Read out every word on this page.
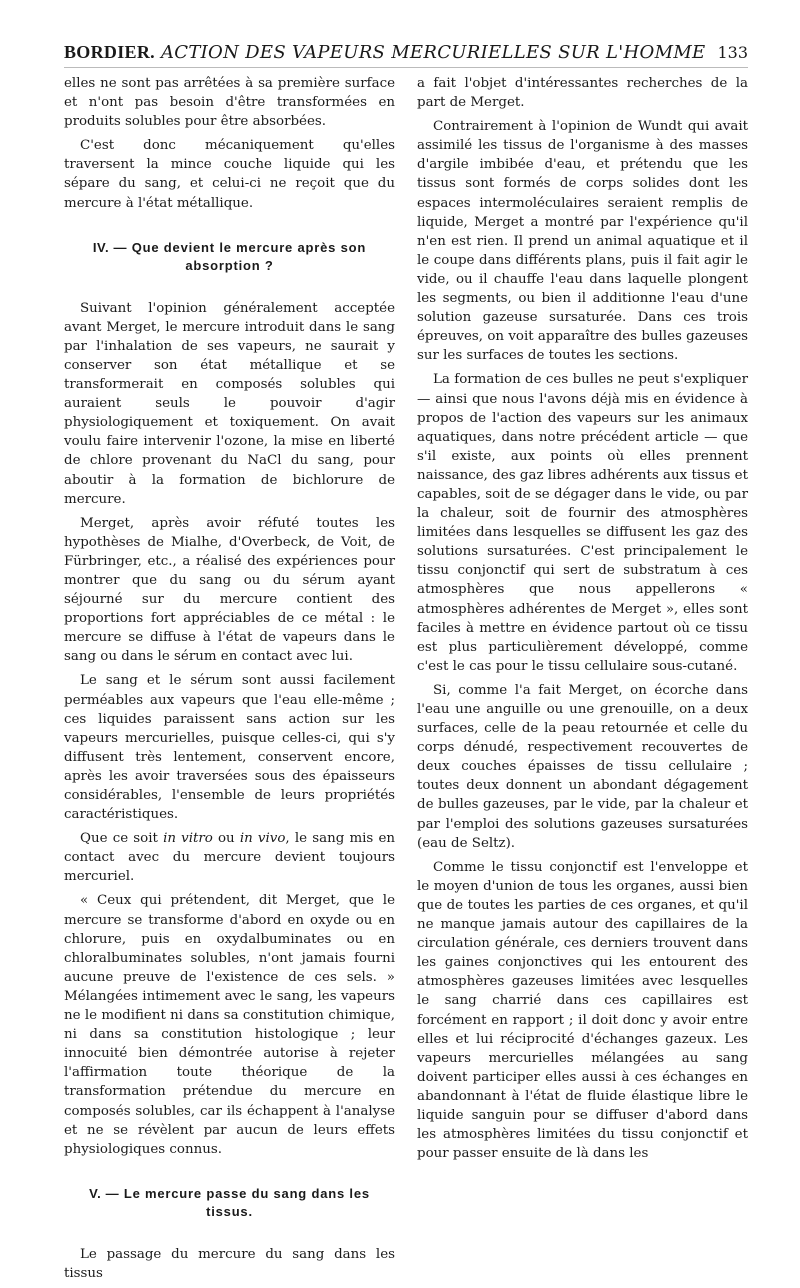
BORDIER. ACTION DES VAPEURS MERCURIELLES SUR L'HOMME 133

elles ne sont pas arrêtées à sa première surface et n'ont pas besoin d'être transformées en produits solubles pour être absorbées.

C'est donc mécaniquement qu'elles traversent la mince couche liquide qui les sépare du sang, et celui-ci ne reçoit que du mercure à l'état métallique.

IV. — Que devient le mercure après son absorption ?

Suivant l'opinion généralement acceptée avant Merget, le mercure introduit dans le sang par l'inhalation de ses vapeurs, ne saurait y conserver son état métallique et se transformerait en composés solubles qui auraient seuls le pouvoir d'agir physiologiquement et toxiquement. On avait voulu faire intervenir l'ozone, la mise en liberté de chlore provenant du NaCl du sang, pour aboutir à la formation de bichlorure de mercure.

Merget, après avoir réfuté toutes les hypothèses de Mialhe, d'Overbeck, de Voit, de Fürbringer, etc., a réalisé des expériences pour montrer que du sang ou du sérum ayant séjourné sur du mercure contient des proportions fort appréciables de ce métal : le mercure se diffuse à l'état de vapeurs dans le sang ou dans le sérum en contact avec lui.

Le sang et le sérum sont aussi facilement perméables aux vapeurs que l'eau elle-même ; ces liquides paraissent sans action sur les vapeurs mercurielles, puisque celles-ci, qui s'y diffusent très lentement, conservent encore, après les avoir traversées sous des épaisseurs considérables, l'ensemble de leurs propriétés caractéristiques.

Que ce soit in vitro ou in vivo, le sang mis en contact avec du mercure devient toujours mercuriel.

« Ceux qui prétendent, dit Merget, que le mercure se transforme d'abord en oxyde ou en chlorure, puis en oxydalbuminates ou en chloralbuminates solubles, n'ont jamais fourni aucune preuve de l'existence de ces sels. » Mélangées intimement avec le sang, les vapeurs ne le modifient ni dans sa constitution chimique, ni dans sa constitution histologique ; leur innocuité bien démontrée autorise à rejeter l'affirmation toute théorique de la transformation prétendue du mercure en composés solubles, car ils échappent à l'analyse et ne se révèlent par aucun de leurs effets physiologiques connus.

V. — Le mercure passe du sang dans les tissus.

Le passage du mercure du sang dans les tissus

a fait l'objet d'intéressantes recherches de la part de Merget.

Contrairement à l'opinion de Wundt qui avait assimilé les tissus de l'organisme à des masses d'argile imbibée d'eau, et prétendu que les tissus sont formés de corps solides dont les espaces intermoléculaires seraient remplis de liquide, Merget a montré par l'expérience qu'il n'en est rien. Il prend un animal aquatique et il le coupe dans différents plans, puis il fait agir le vide, ou il chauffe l'eau dans laquelle plongent les segments, ou bien il additionne l'eau d'une solution gazeuse sursaturée. Dans ces trois épreuves, on voit apparaître des bulles gazeuses sur les surfaces de toutes les sections.

La formation de ces bulles ne peut s'expliquer — ainsi que nous l'avons déjà mis en évidence à propos de l'action des vapeurs sur les animaux aquatiques, dans notre précédent article — que s'il existe, aux points où elles prennent naissance, des gaz libres adhérents aux tissus et capables, soit de se dégager dans le vide, ou par la chaleur, soit de fournir des atmosphères limitées dans lesquelles se diffusent les gaz des solutions sursaturées. C'est principalement le tissu conjonctif qui sert de substratum à ces atmosphères que nous appellerons « atmosphères adhérentes de Merget », elles sont faciles à mettre en évidence partout où ce tissu est plus particulièrement développé, comme c'est le cas pour le tissu cellulaire sous-cutané.

Si, comme l'a fait Merget, on écorche dans l'eau une anguille ou une grenouille, on a deux surfaces, celle de la peau retournée et celle du corps dénudé, respectivement recouvertes de deux couches épaisses de tissu cellulaire ; toutes deux donnent un abondant dégagement de bulles gazeuses, par le vide, par la chaleur et par l'emploi des solutions gazeuses sursaturées (eau de Seltz).

Comme le tissu conjonctif est l'enveloppe et le moyen d'union de tous les organes, aussi bien que de toutes les parties de ces organes, et qu'il ne manque jamais autour des capillaires de la circulation générale, ces derniers trouvent dans les gaines conjonctives qui les entourent des atmosphères gazeuses limitées avec lesquelles le sang charrié dans ces capillaires est forcément en rapport ; il doit donc y avoir entre elles et lui réciprocité d'échanges gazeux. Les vapeurs mercurielles mélangées au sang doivent participer elles aussi à ces échanges en abandonnant à l'état de fluide élastique libre le liquide sanguin pour se diffuser d'abord dans les atmosphères limitées du tissu conjonctif et pour passer ensuite de là dans les
